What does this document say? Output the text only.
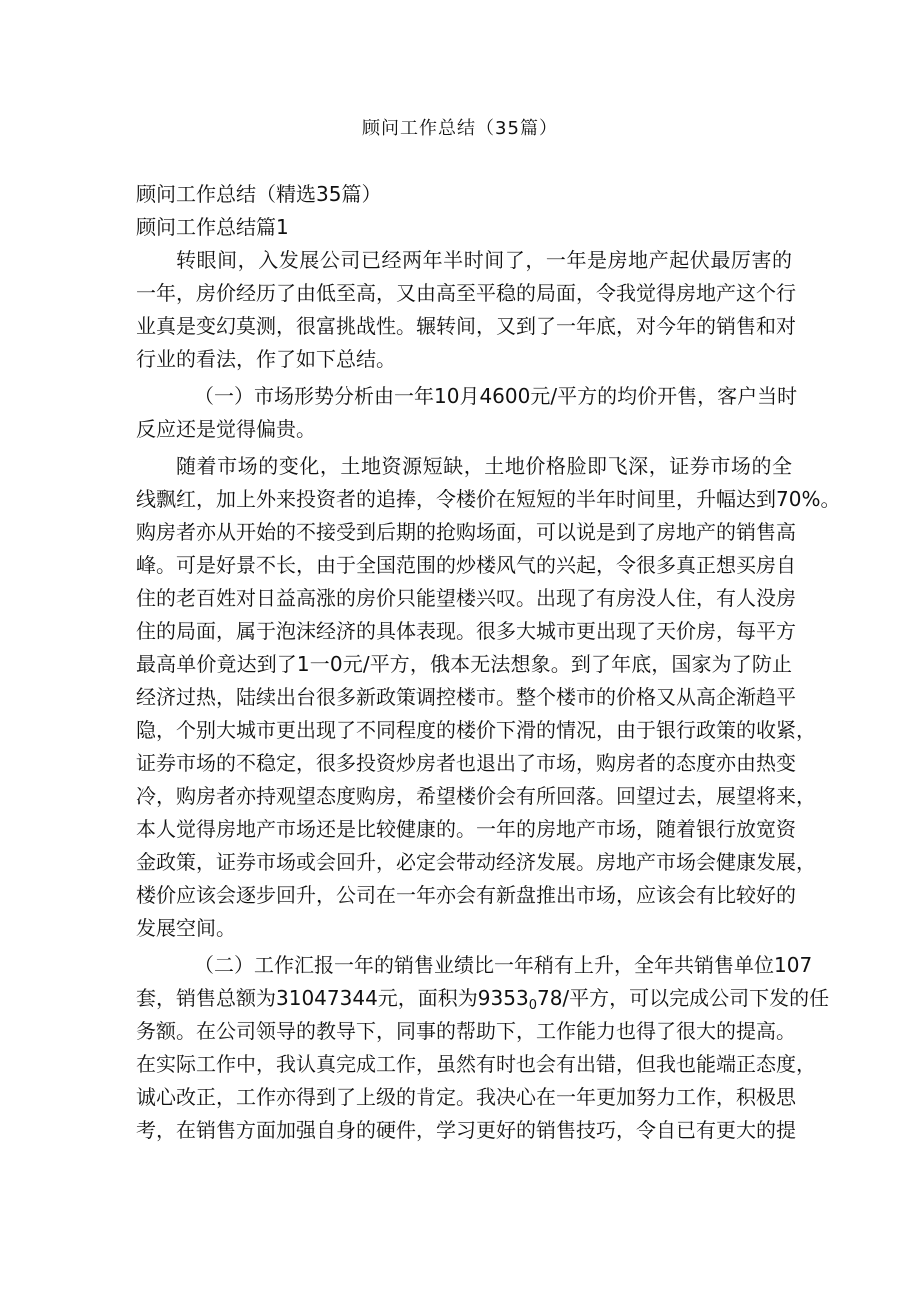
顾问工作总结（35篇）
顾问工作总结（精选35篇）
顾问工作总结篇1

转眼间，入发展公司已经两年半时间了，一年是房地产起伏最厉害的
一年，房价经历了由低至高，又由高至平稳的局面，令我觉得房地产这个行
业真是变幻莫测，很富挑战性。辗转间，又到了一年底，对今年的销售和对
行业的看法，作了如下总结。

（一）市场形势分析由一年10月4600元/平方的均价开售，客户当时
反应还是觉得偏贵。

随着市场的变化，土地资源短缺，土地价格脸即飞深，证券市场的全
线飘红，加上外来投资者的追捧，令楼价在短短的半年时间里，升幅达到70%。
购房者亦从开始的不接受到后期的抢购场面，可以说是到了房地产的销售高
峰。可是好景不长，由于全国范围的炒楼风气的兴起，令很多真正想买房自
住的老百姓对日益高涨的房价只能望楼兴叹。出现了有房没人住，有人没房
住的局面，属于泡沫经济的具体表现。很多大城市更出现了天价房，每平方
最高单价竟达到了1一0元/平方，俄本无法想象。到了年底，国家为了防止
经济过热，陆续出台很多新政策调控楼市。整个楼市的价格又从高企渐趋平
隐，个别大城市更出现了不同程度的楼价下滑的情况，由于银行政策的收紧，
证券市场的不稳定，很多投资炒房者也退出了市场，购房者的态度亦由热变
冷，购房者亦持观望态度购房，希望楼价会有所回落。回望过去，展望将来，
本人觉得房地产市场还是比较健康的。一年的房地产市场，随着银行放宽资
金政策，证券市场或会回升，必定会带动经济发展。房地产市场会健康发展，
楼价应该会逐步回升，公司在一年亦会有新盘推出市场，应该会有比较好的
发展空间。

（二）工作汇报一年的销售业绩比一年稍有上升，全年共销售单位107
套，销售总额为31047344元，面积为$9353_078/$平方，可以完成公司下发的任
务额。在公司领导的教导下，同事的帮助下，工作能力也得了很大的提高。
在实际工作中，我认真完成工作，虽然有时也会有出错，但我也能端正态度，
诚心改正，工作亦得到了上级的肯定。我决心在一年更加努力工作，积极思
考，在销售方面加强自身的硬件，学习更好的销售技巧，令自已有更大的提
